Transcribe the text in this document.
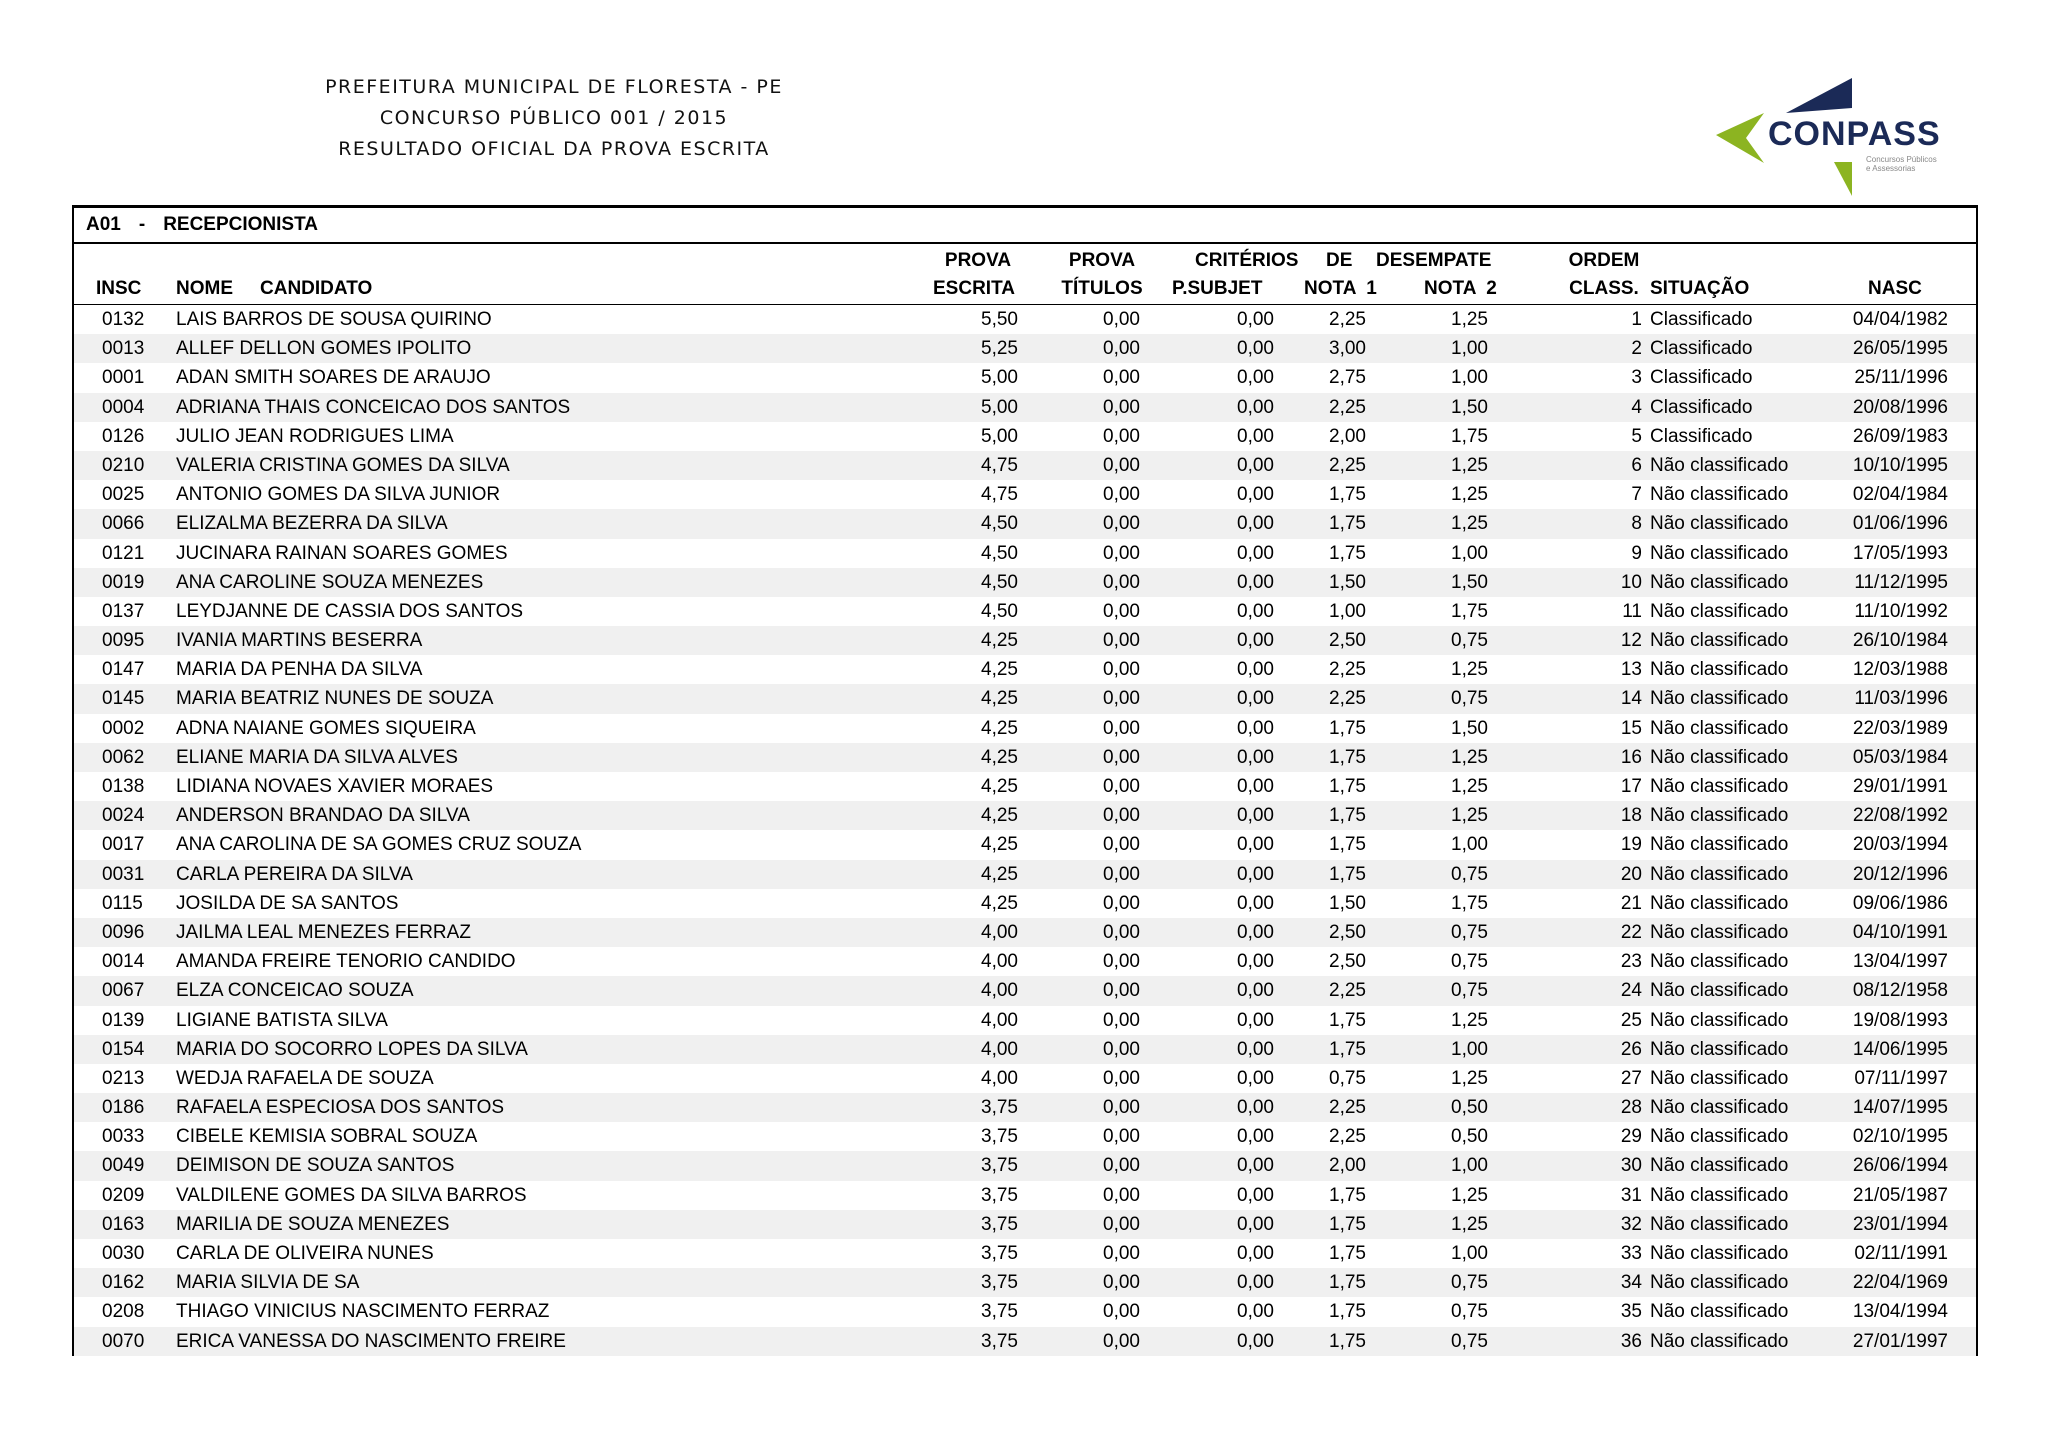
PREFEITURA MUNICIPAL DE FLORESTA - PE
CONCURSO PÚBLICO 001 / 2015
RESULTADO OFICIAL DA PROVA ESCRITA	CONPASS
Concursos Públicos
e Assessorias
A01 - RECEPCIONISTA
INSC NOME CANDIDATO
PROVA
ESCRITA
PROVA
TÍTULOS
CRITÉRIOS DE DESEMPATE
P.SUBJET NOTA  1 NOTA  2
ORDEM
CLASS. SITUAÇÃO	NASC
0132 LAIS BARROS DE SOUSA QUIRINO	5,50	0,00	0,00	2,25	1,25	1 Classificado	04/04/1982
0013 ALLEF DELLON GOMES IPOLITO	5,25	0,00	0,00	3,00	1,00	2 Classificado	26/05/1995
0001 ADAN SMITH SOARES DE ARAUJO	5,00	0,00	0,00	2,75	1,00	3 Classificado	25/11/1996
0004 ADRIANA THAIS CONCEICAO DOS SANTOS	5,00	0,00	0,00	2,25	1,50	4 Classificado	20/08/1996
0126 JULIO JEAN RODRIGUES LIMA	5,00	0,00	0,00	2,00	1,75	5 Classificado	26/09/1983
0210 VALERIA CRISTINA GOMES DA SILVA	4,75	0,00	0,00	2,25	1,25	6 Não classificado	10/10/1995
0025 ANTONIO GOMES DA SILVA JUNIOR	4,75	0,00	0,00	1,75	1,25	7 Não classificado	02/04/1984
0066 ELIZALMA BEZERRA DA SILVA	4,50	0,00	0,00	1,75	1,25	8 Não classificado	01/06/1996
0121 JUCINARA RAINAN SOARES GOMES	4,50	0,00	0,00	1,75	1,00	9 Não classificado	17/05/1993
0019 ANA CAROLINE SOUZA MENEZES	4,50	0,00	0,00	1,50	1,50	10 Não classificado	11/12/1995
0137 LEYDJANNE DE CASSIA DOS SANTOS	4,50	0,00	0,00	1,00	1,75	11 Não classificado	11/10/1992
0095 IVANIA MARTINS BESERRA	4,25	0,00	0,00	2,50	0,75	12 Não classificado	26/10/1984
0147 MARIA DA PENHA DA SILVA	4,25	0,00	0,00	2,25	1,25	13 Não classificado	12/03/1988
0145 MARIA BEATRIZ NUNES DE SOUZA	4,25	0,00	0,00	2,25	0,75	14 Não classificado	11/03/1996
0002 ADNA NAIANE GOMES SIQUEIRA	4,25	0,00	0,00	1,75	1,50	15 Não classificado	22/03/1989
0062 ELIANE MARIA DA SILVA ALVES	4,25	0,00	0,00	1,75	1,25	16 Não classificado	05/03/1984
0138 LIDIANA NOVAES XAVIER MORAES	4,25	0,00	0,00	1,75	1,25	17 Não classificado	29/01/1991
0024 ANDERSON BRANDAO DA SILVA	4,25	0,00	0,00	1,75	1,25	18 Não classificado	22/08/1992
0017 ANA CAROLINA DE SA GOMES CRUZ SOUZA	4,25	0,00	0,00	1,75	1,00	19 Não classificado	20/03/1994
0031 CARLA PEREIRA DA SILVA	4,25	0,00	0,00	1,75	0,75	20 Não classificado	20/12/1996
0115 JOSILDA DE SA SANTOS	4,25	0,00	0,00	1,50	1,75	21 Não classificado	09/06/1986
0096 JAILMA LEAL MENEZES FERRAZ	4,00	0,00	0,00	2,50	0,75	22 Não classificado	04/10/1991
0014 AMANDA FREIRE TENORIO CANDIDO	4,00	0,00	0,00	2,50	0,75	23 Não classificado	13/04/1997
0067 ELZA CONCEICAO SOUZA	4,00	0,00	0,00	2,25	0,75	24 Não classificado	08/12/1958
0139 LIGIANE BATISTA SILVA	4,00	0,00	0,00	1,75	1,25	25 Não classificado	19/08/1993
0154 MARIA DO SOCORRO LOPES DA SILVA	4,00	0,00	0,00	1,75	1,00	26 Não classificado	14/06/1995
0213 WEDJA RAFAELA DE SOUZA	4,00	0,00	0,00	0,75	1,25	27 Não classificado	07/11/1997
0186 RAFAELA ESPECIOSA DOS SANTOS	3,75	0,00	0,00	2,25	0,50	28 Não classificado	14/07/1995
0033 CIBELE KEMISIA SOBRAL SOUZA	3,75	0,00	0,00	2,25	0,50	29 Não classificado	02/10/1995
0049 DEIMISON DE SOUZA SANTOS	3,75	0,00	0,00	2,00	1,00	30 Não classificado	26/06/1994
0209 VALDILENE GOMES DA SILVA BARROS	3,75	0,00	0,00	1,75	1,25	31 Não classificado	21/05/1987
0163 MARILIA DE SOUZA MENEZES	3,75	0,00	0,00	1,75	1,25	32 Não classificado	23/01/1994
0030 CARLA DE OLIVEIRA NUNES	3,75	0,00	0,00	1,75	1,00	33 Não classificado	02/11/1991
0162 MARIA SILVIA DE SA	3,75	0,00	0,00	1,75	0,75	34 Não classificado	22/04/1969
0208 THIAGO VINICIUS NASCIMENTO FERRAZ	3,75	0,00	0,00	1,75	0,75	35 Não classificado	13/04/1994
0070 ERICA VANESSA DO NASCIMENTO FREIRE	3,75	0,00	0,00	1,75	0,75	36 Não classificado	27/01/1997
